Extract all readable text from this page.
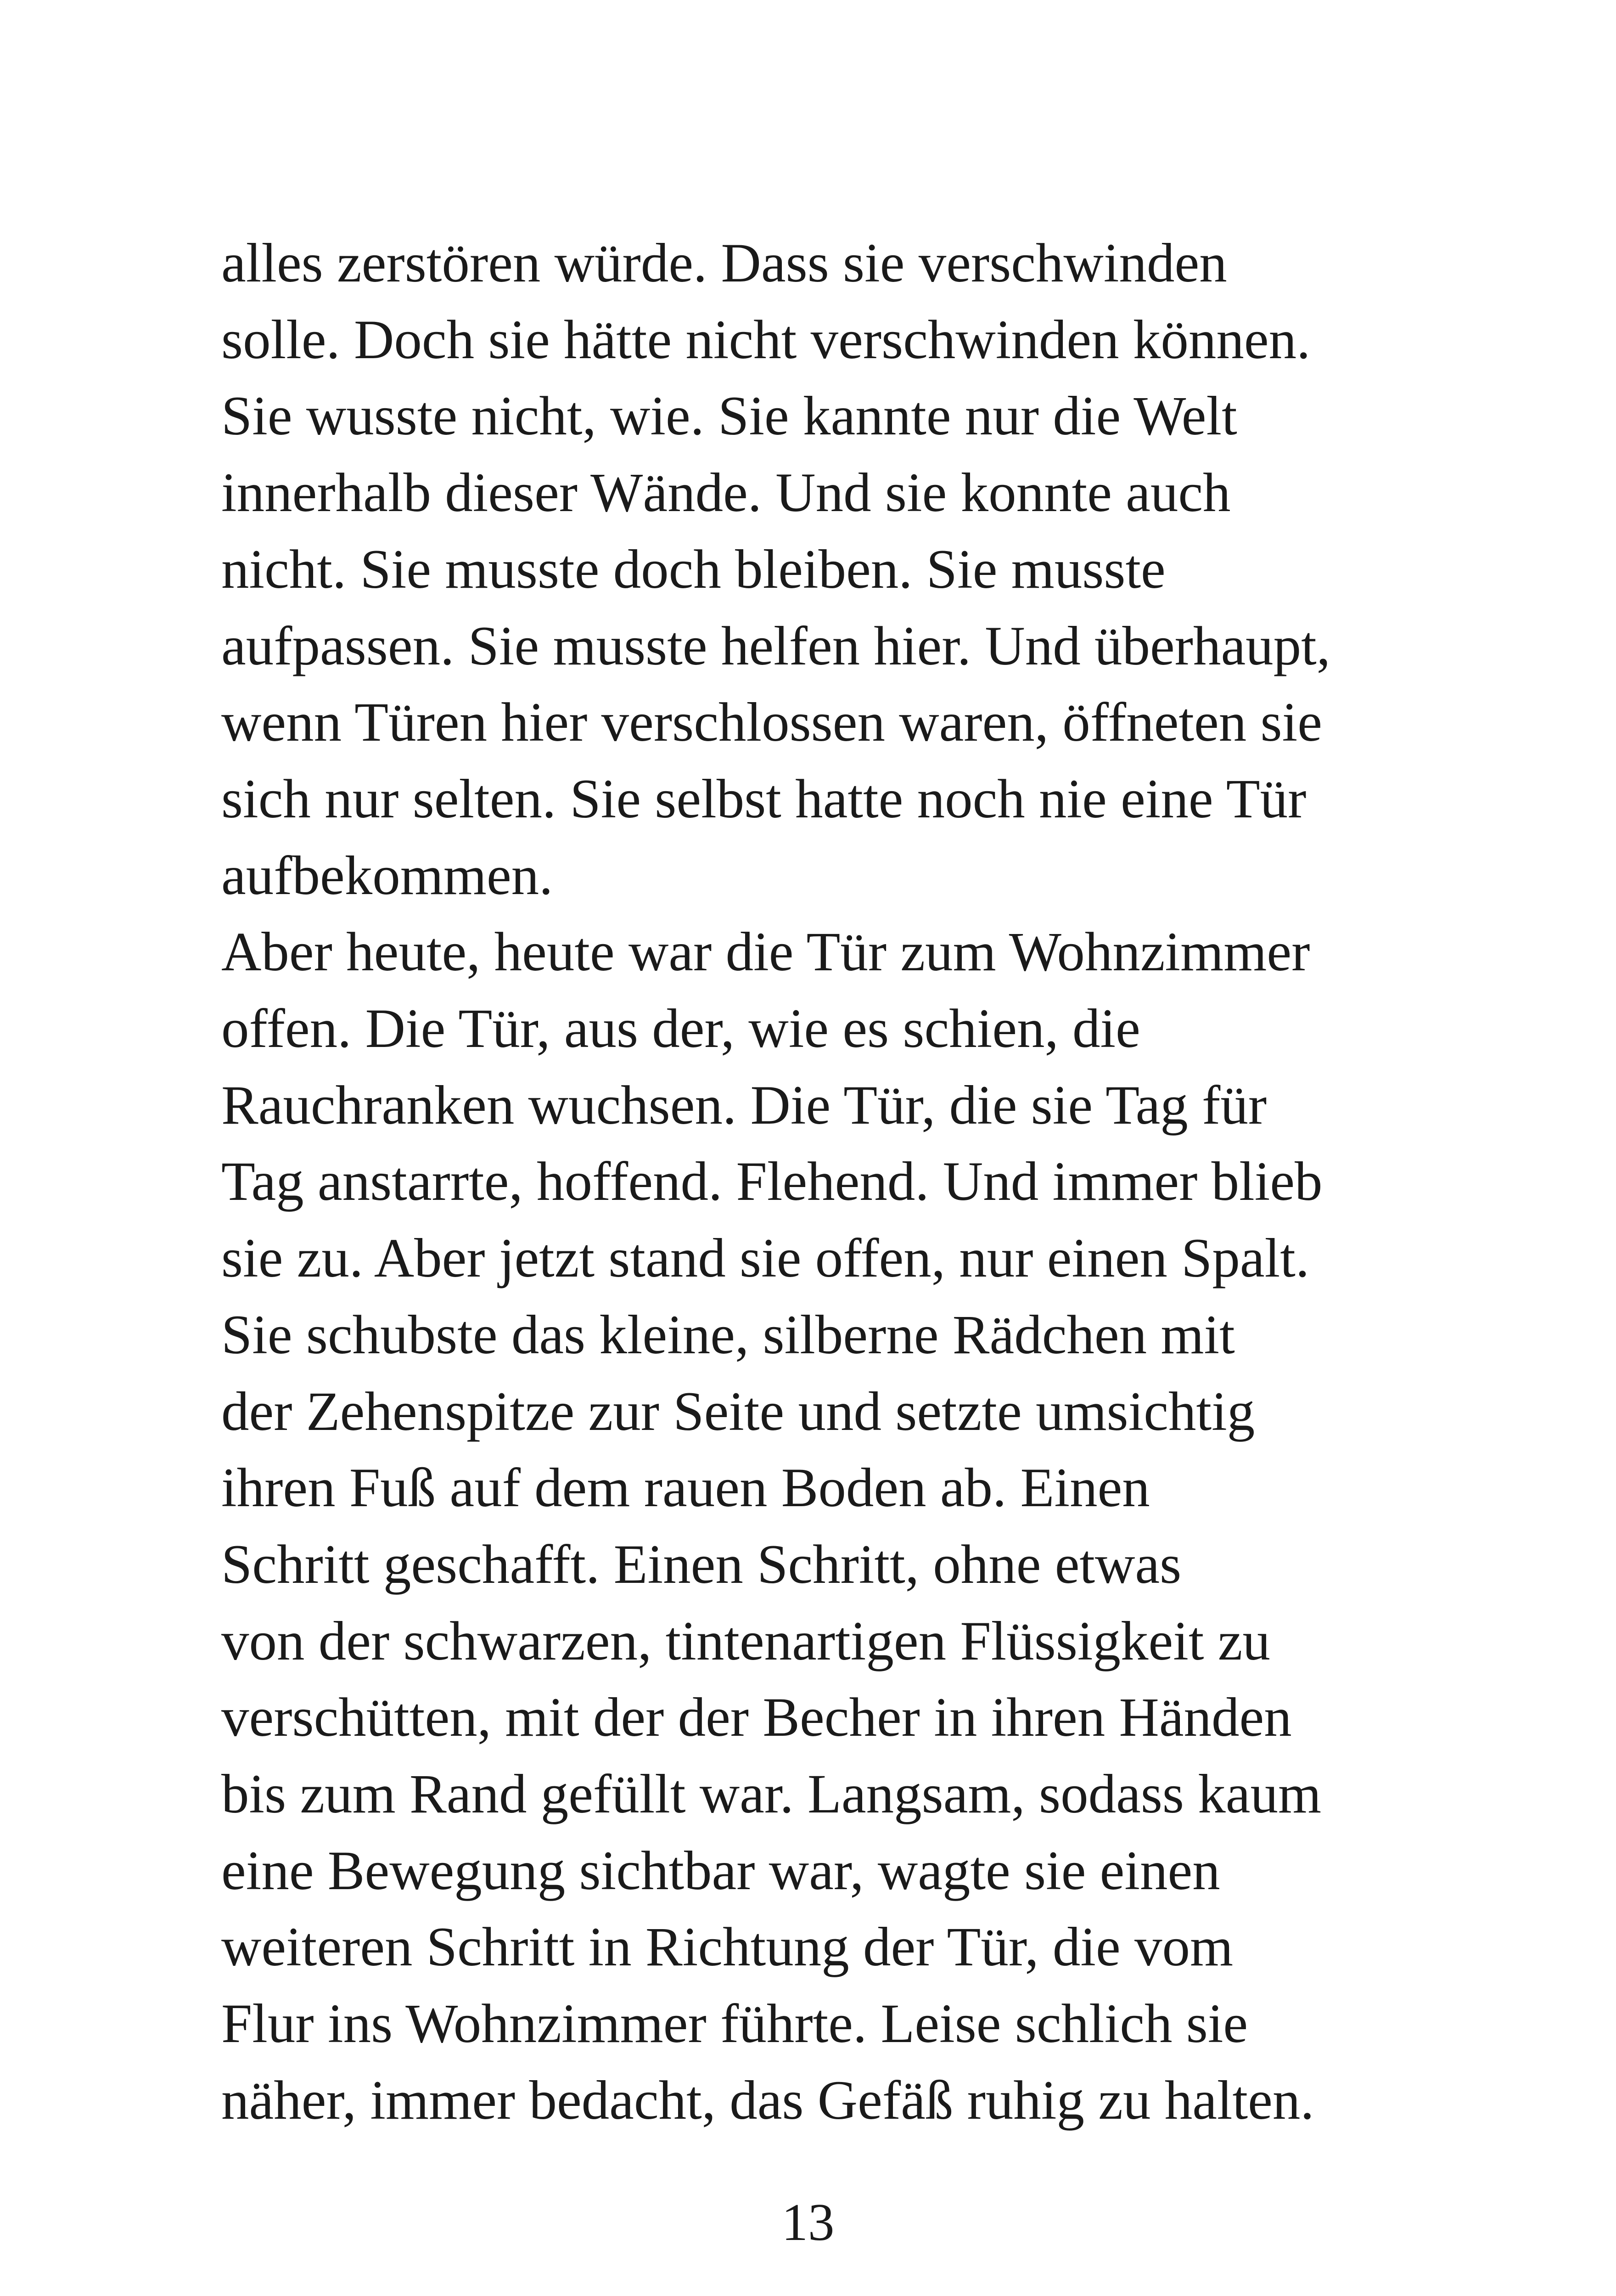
alles zerstören würde. Dass sie verschwinden
solle. Doch sie hätte nicht verschwinden können.
Sie wusste nicht, wie. Sie kannte nur die Welt
innerhalb dieser Wände. Und sie konnte auch
nicht. Sie musste doch bleiben. Sie musste
aufpassen. Sie musste helfen hier. Und überhaupt,
wenn Türen hier verschlossen waren, öffneten sie
sich nur selten. Sie selbst hatte noch nie eine Tür
aufbekommen.
Aber heute, heute war die Tür zum Wohnzimmer
offen. Die Tür, aus der, wie es schien, die
Rauchranken wuchsen. Die Tür, die sie Tag für
Tag anstarrte, hoffend. Flehend. Und immer blieb
sie zu. Aber jetzt stand sie offen, nur einen Spalt.
Sie schubste das kleine, silberne Rädchen mit
der Zehenspitze zur Seite und setzte umsichtig
ihren Fuß auf dem rauen Boden ab. Einen
Schritt geschafft. Einen Schritt, ohne etwas
von der schwarzen, tintenartigen Flüssigkeit zu
verschütten, mit der der Becher in ihren Händen
bis zum Rand gefüllt war. Langsam, sodass kaum
eine Bewegung sichtbar war, wagte sie einen
weiteren Schritt in Richtung der Tür, die vom
Flur ins Wohnzimmer führte. Leise schlich sie
näher, immer bedacht, das Gefäß ruhig zu halten.
13
